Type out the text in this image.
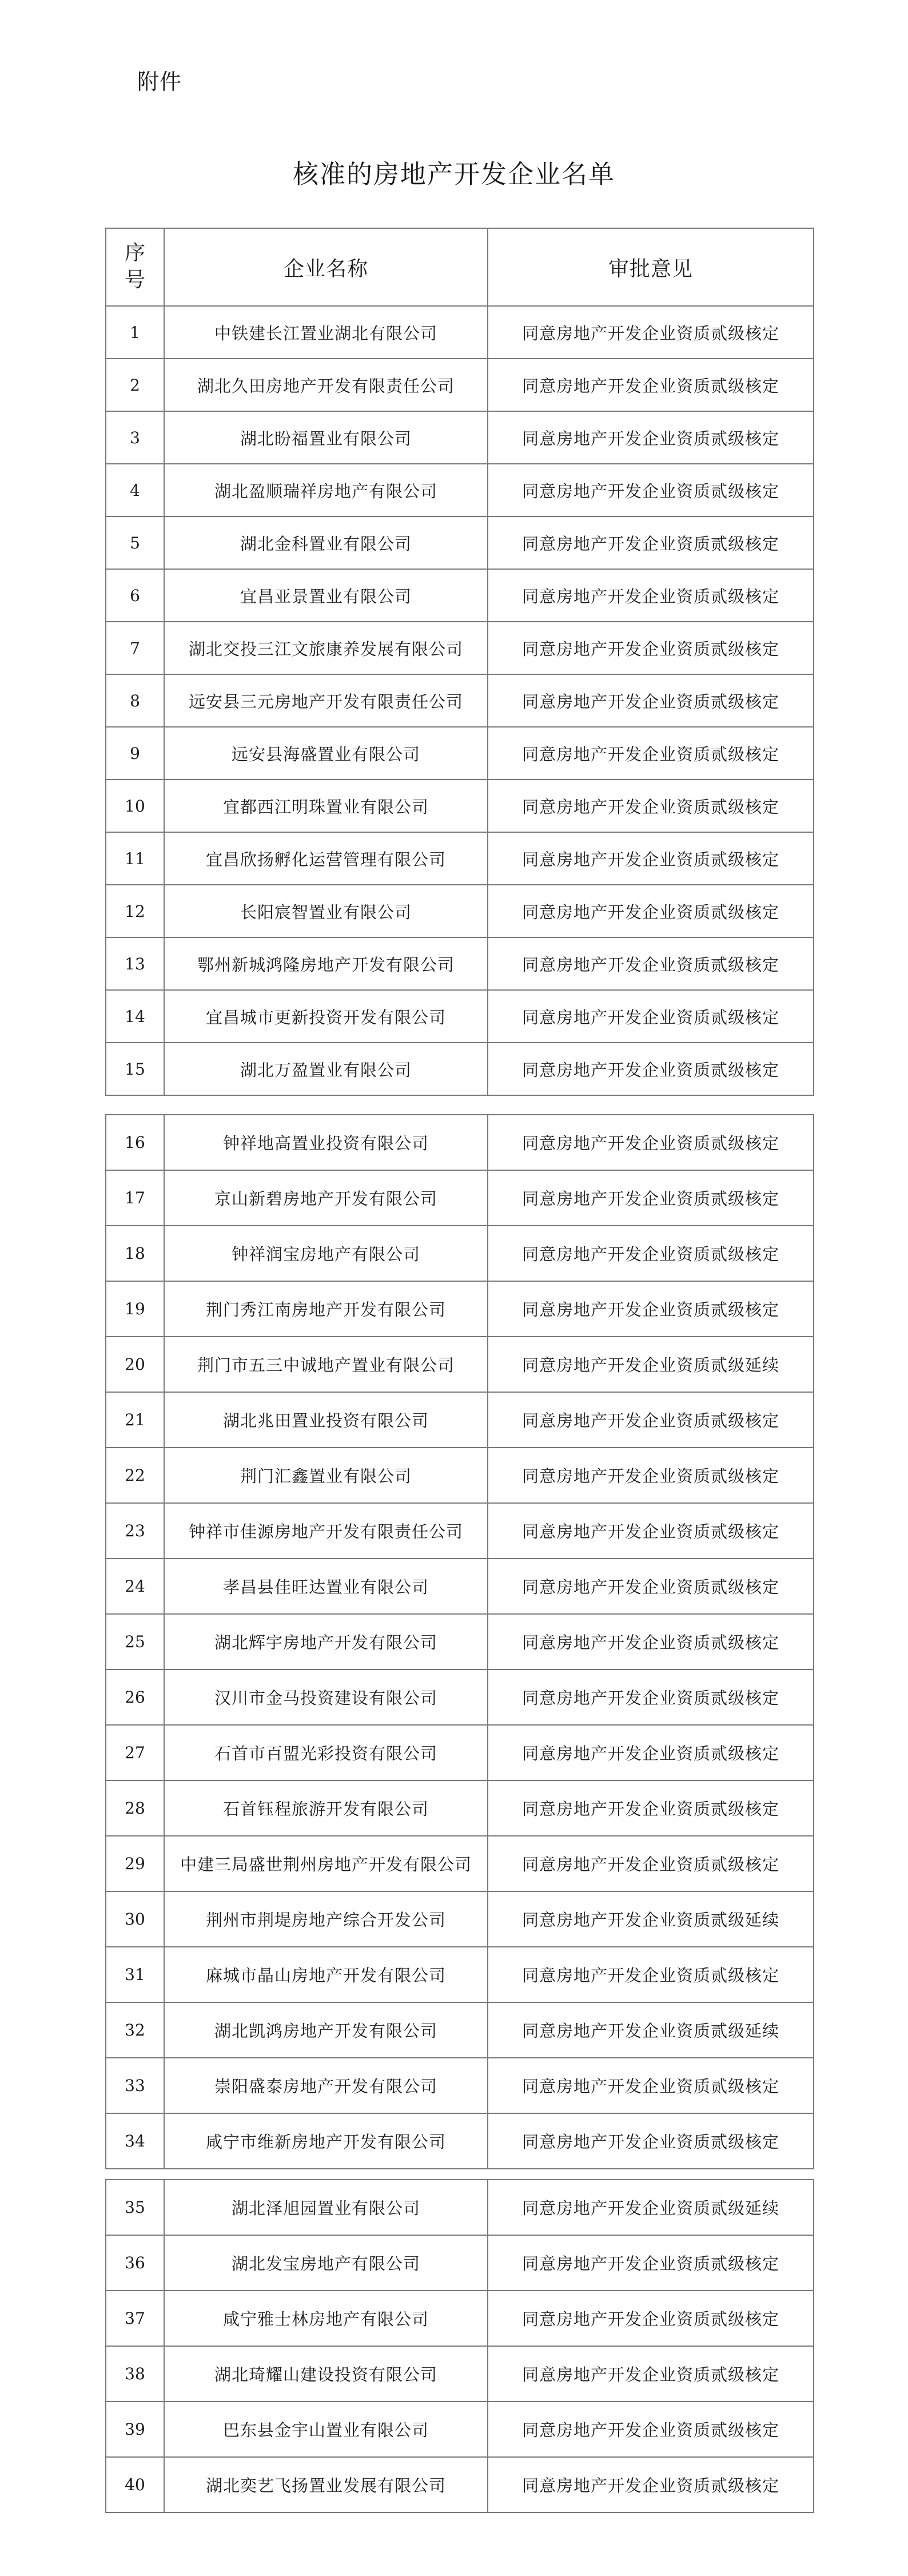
附件
核准的房地产开发企业名单
序
号	企业名称	审批意见
1	中铁建长江置业湖北有限公司	同意房地产开发企业资质贰级核定
2	湖北久田房地产开发有限责任公司	同意房地产开发企业资质贰级核定
3	湖北盼福置业有限公司	同意房地产开发企业资质贰级核定
4	湖北盈顺瑞祥房地产有限公司	同意房地产开发企业资质贰级核定
5	湖北金科置业有限公司	同意房地产开发企业资质贰级核定
6	宜昌亚景置业有限公司	同意房地产开发企业资质贰级核定
7	湖北交投三江文旅康养发展有限公司	同意房地产开发企业资质贰级核定
8	远安县三元房地产开发有限责任公司	同意房地产开发企业资质贰级核定
9	远安县海盛置业有限公司	同意房地产开发企业资质贰级核定
10	宜都西江明珠置业有限公司	同意房地产开发企业资质贰级核定
11	宜昌欣扬孵化运营管理有限公司	同意房地产开发企业资质贰级核定
12	长阳宸智置业有限公司	同意房地产开发企业资质贰级核定
13	鄂州新城鸿隆房地产开发有限公司	同意房地产开发企业资质贰级核定
14	宜昌城市更新投资开发有限公司	同意房地产开发企业资质贰级核定
15	湖北万盈置业有限公司	同意房地产开发企业资质贰级核定
16	钟祥地高置业投资有限公司	同意房地产开发企业资质贰级核定
17	京山新碧房地产开发有限公司	同意房地产开发企业资质贰级核定
18	钟祥润宝房地产有限公司	同意房地产开发企业资质贰级核定
19	荆门秀江南房地产开发有限公司	同意房地产开发企业资质贰级核定
20	荆门市五三中诚地产置业有限公司	同意房地产开发企业资质贰级延续
21	湖北兆田置业投资有限公司	同意房地产开发企业资质贰级核定
22	荆门汇鑫置业有限公司	同意房地产开发企业资质贰级核定
23	钟祥市佳源房地产开发有限责任公司	同意房地产开发企业资质贰级核定
24	孝昌县佳旺达置业有限公司	同意房地产开发企业资质贰级核定
25	湖北辉宇房地产开发有限公司	同意房地产开发企业资质贰级核定
26	汉川市金马投资建设有限公司	同意房地产开发企业资质贰级核定
27	石首市百盟光彩投资有限公司	同意房地产开发企业资质贰级核定
28	石首钰程旅游开发有限公司	同意房地产开发企业资质贰级核定
29	中建三局盛世荆州房地产开发有限公司	同意房地产开发企业资质贰级核定
30	荆州市荆堤房地产综合开发公司	同意房地产开发企业资质贰级延续
31	麻城市晶山房地产开发有限公司	同意房地产开发企业资质贰级核定
32	湖北凯鸿房地产开发有限公司	同意房地产开发企业资质贰级延续
33	崇阳盛泰房地产开发有限公司	同意房地产开发企业资质贰级核定
34	咸宁市维新房地产开发有限公司	同意房地产开发企业资质贰级核定
35	湖北泽旭园置业有限公司	同意房地产开发企业资质贰级延续
36	湖北发宝房地产有限公司	同意房地产开发企业资质贰级核定
37	咸宁雅士林房地产有限公司	同意房地产开发企业资质贰级核定
38	湖北琦耀山建设投资有限公司	同意房地产开发企业资质贰级核定
39	巴东县金宇山置业有限公司	同意房地产开发企业资质贰级核定
40	湖北奕艺飞扬置业发展有限公司	同意房地产开发企业资质贰级核定
